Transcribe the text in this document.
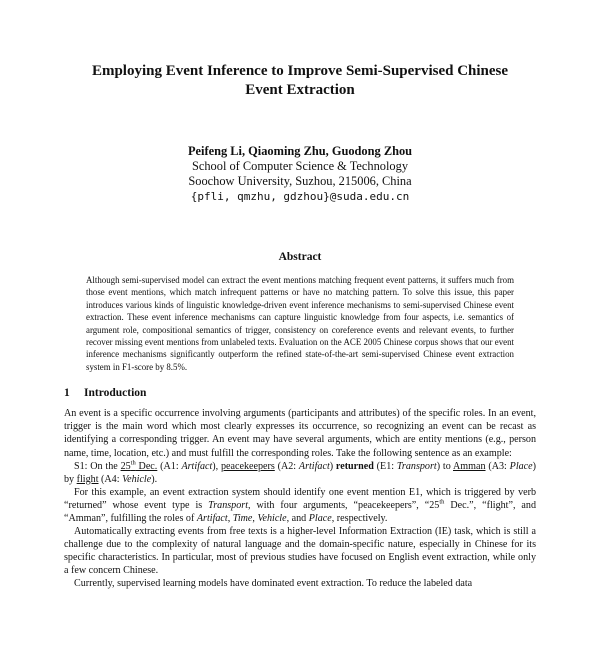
Employing Event Inference to Improve Semi-Supervised Chinese
Event Extraction
Peifeng Li, Qiaoming Zhu, Guodong Zhou
School of Computer Science & Technology
Soochow University, Suzhou, 215006, China
{pfli, qmzhu, gdzhou}@suda.edu.cn
Abstract
Although semi-supervised model can extract the event mentions matching frequent event patterns, it suffers much from those event mentions, which match infrequent patterns or have no matching pattern. To solve this issue, this paper introduces various kinds of linguistic knowledge-driven event inference mechanisms to semi-supervised Chinese event extraction. These event inference mechanisms can capture linguistic knowledge from four aspects, i.e. semantics of argument role, compositional semantics of trigger, consistency on coreference events and relevant events, to further recover missing event mentions from unlabeled texts. Evaluation on the ACE 2005 Chinese corpus shows that our event inference mechanisms significantly outperform the refined state-of-the-art semi-supervised Chinese event extraction system in F1-score by 8.5%.
1 Introduction

An event is a specific occurrence involving arguments (participants and attributes) of the specific roles. In an event, trigger is the main word which most clearly expresses its occurrence, so recognizing an event can be recast as identifying a corresponding trigger. An event may have several arguments, which are entity mentions (e.g., person name, time, location, etc.) and must fulfill the corresponding roles. Take the following sentence as an example:

S1: On the 25th Dec. (A1: Artifact), peacekeepers (A2: Artifact) returned (E1: Transport) to Amman (A3: Place) by flight (A4: Vehicle).

For this example, an event extraction system should identify one event mention E1, which is triggered by verb “returned” whose event type is Transport, with four arguments, “peacekeepers”, “25th Dec.”, “flight”, and “Amman”, fulfilling the roles of Artifact, Time, Vehicle, and Place, respectively.

Automatically extracting events from free texts is a higher-level Information Extraction (IE) task, which is still a challenge due to the complexity of natural language and the domain-specific nature, especially in Chinese for its specific characteristics. In particular, most of previous studies have focused on English event extraction, while only a few concern Chinese.

Currently, supervised learning models have dominated event extraction. To reduce the labeled data
